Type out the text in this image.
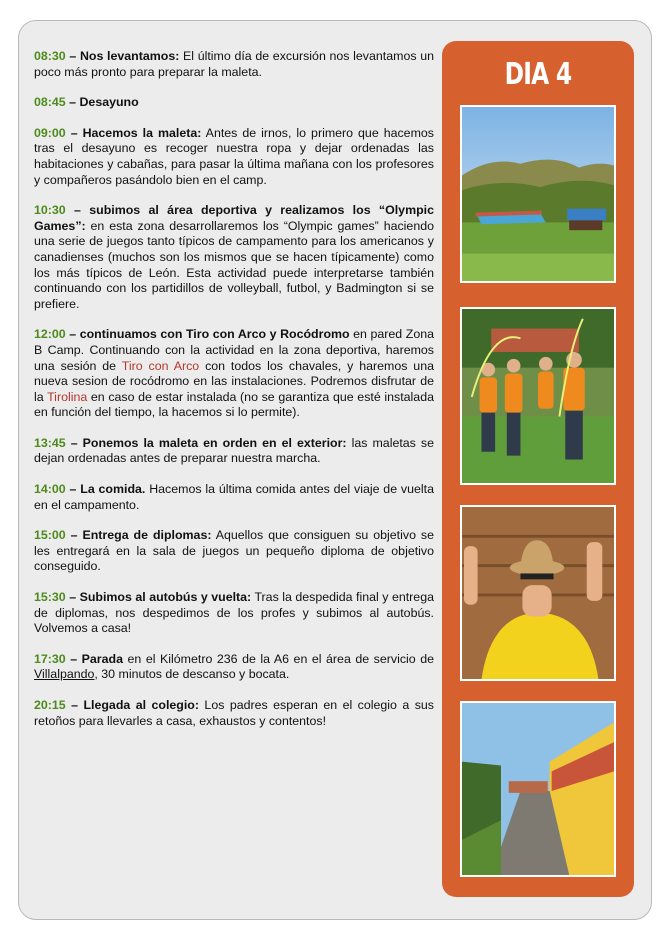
08:30 – Nos levantamos: El último día de excursión nos levantamos un poco más pronto para preparar la maleta.

08:45 – Desayuno

09:00 – Hacemos la maleta: Antes de irnos, lo primero que hacemos tras el desayuno es recoger nuestra ropa y dejar ordenadas las habitaciones y cabañas, para pasar la última mañana con los profesores y compañeros pasándolo bien en el camp.

10:30 – subimos al área deportiva y realizamos los “Olympic Games”: en esta zona desarrollaremos los “Olympic games” haciendo una serie de juegos tanto típicos de campamento para los americanos y canadienses (muchos son los mismos que se hacen típicamente) como los más típicos de León. Esta actividad puede interpretarse también continuando con los partidillos de volleyball, futbol, y Badmington si se prefiere.

12:00 – continuamos con Tiro con Arco y Rocódromo en pared Zona B Camp. Continuando con la actividad en la zona deportiva, haremos una sesión de Tiro con Arco con todos los chavales, y haremos una nueva sesion de rocódromo en las instalaciones. Podremos disfrutar de la Tirolina en caso de estar instalada (no se garantiza que esté instalada en función del tiempo, la hacemos si lo permite).

13:45 – Ponemos la maleta en orden en el exterior: las maletas se dejan ordenadas antes de preparar nuestra marcha.

14:00 – La comida. Hacemos la última comida antes del viaje de vuelta en el campamento.

15:00 – Entrega de diplomas: Aquellos que consiguen su objetivo se les entregará en la sala de juegos un pequeño diploma de objetivo conseguido.

15:30 – Subimos al autobús y vuelta: Tras la despedida final y entrega de diplomas, nos despedimos de los profes y subimos al autobús. Volvemos a casa!

17:30 – Parada en el Kilómetro 236 de la A6 en el área de servicio de Villalpando, 30 minutos de descanso y bocata.

20:15 – Llegada al colegio: Los padres esperan en el colegio a sus retoños para llevarles a casa, exhaustos y contentos!

DIA 4
